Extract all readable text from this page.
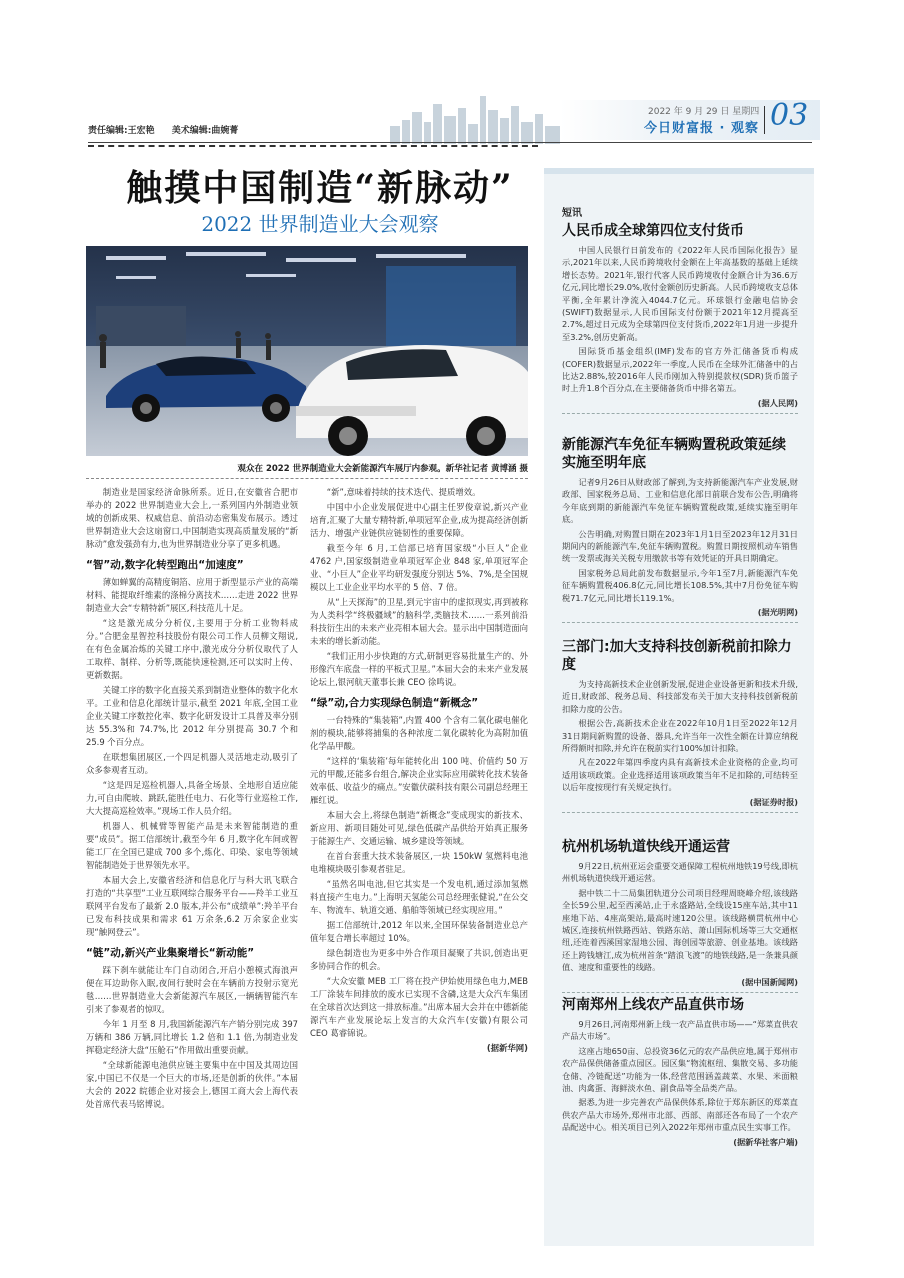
责任编辑:王宏艳 美术编辑:曲婉菁
2022 年 9 月 29 日 星期四
今日财富报 · 观察 03
触摸中国制造“新脉动”
2022 世界制造业大会观察
观众在 2022 世界制造业大会新能源汽车展厅内参观。新华社记者 黄博涵 摄

制造业是国家经济命脉所系。近日,在安徽省合肥市举办的 2022 世界制造业大会上,一系列国内外制造业领域的创新成果、权威信息、前沿动态密集发布展示。透过世界制造业大会这扇窗口,中国制造实现高质量发展的“新脉动”愈发强劲有力,也为世界制造业分享了更多机遇。

“智”动,数字化转型跑出“加速度”

薄如蝉翼的高精度铜箔、应用于新型显示产业的高端材料、能提取纤维素的涤棉分离技术……走进 2022 世界制造业大会“专精特新”展区,科技范儿十足。

“这是激光成分分析仪,主要用于分析工业物料成分。”合肥金星智控科技股份有限公司工作人员柳文翔说,在有色金属冶炼的关键工序中,激光成分分析仪取代了人工取样、制样、分析等,既能快速检测,还可以实时上传、更新数据。

关键工序的数字化直接关系到制造业整体的数字化水平。工业和信息化部统计显示,截至 2021 年底,全国工业企业关键工序数控化率、数字化研发设计工具普及率分别达 55.3%和 74.7%,比 2012 年分别提高 30.7 个和 25.9 个百分点。

在联想集团展区,一个四足机器人灵活地走动,吸引了众多参观者互动。

“这是四足巡检机器人,具备全场景、全地形自适应能力,可自由爬坡、跳跃,能胜任电力、石化等行业巡检工作,大大提高巡检效率。”现场工作人员介绍。

机器人、机械臂等智能产品是未来智能制造的重要“成员”。据工信部统计,截至今年 6 月,数字化车间或智能工厂在全国已建成 700 多个,炼化、印染、家电等领域智能制造处于世界领先水平。

本届大会上,安徽省经济和信息化厅与科大讯飞联合打造的“共享型”工业互联网综合服务平台——羚羊工业互联网平台发布了最新 2.0 版本,并公布“成绩单”:羚羊平台已发布科技成果和需求 61 万余条,6.2 万余家企业实现“触网登云”。

“链”动,新兴产业集聚增长“新动能”

踩下刹车就能让车门自动闭合,开启小憩模式海浪声便在耳边助你入眠,夜间行驶时会在车辆前方投射示宽光毯……世界制造业大会新能源汽车展区,一辆辆智能汽车引来了参观者的惊叹。

今年 1 月至 8 月,我国新能源汽车产销分别完成 397 万辆和 386 万辆,同比增长 1.2 倍和 1.1 倍,为制造业发挥稳定经济大盘“压舱石”作用做出重要贡献。

“全球新能源电池供应链主要集中在中国及其周边国家,中国已不仅是一个巨大的市场,还是创新的伙伴。”本届大会的 2022 皖德企业对接会上,德国工商大会上海代表处首席代表马铭博说。

“新”,意味着持续的技术迭代、提质增效。

中国中小企业发展促进中心副主任罗俊章说,新兴产业培育,汇聚了大量专精特新,单项冠军企业,成为提高经济创新活力、增强产业链供应链韧性的重要保障。

截至今年 6 月,工信部已培育国家级“小巨人”企业 4762 户,国家级制造业单项冠军企业 848 家,单项冠军企业、“小巨人”企业平均研发强度分别达 5%、7%,是全国规模以上工业企业平均水平的 5 倍、7 倍。

从“上天探海”的卫星,到元宇宙中的虚拟现实,再到被称为人类科学“终极疆域”的脑科学,类脑技术……一系列前沿科技衍生出的未来产业亮相本届大会。显示出中国制造面向未来的增长新动能。

“我们正用小步快跑的方式,研制更容易批量生产的、外形像汽车底盘一样的平板式卫星。”本届大会的未来产业发展论坛上,银河航天董事长兼 CEO 徐鸣说。

“绿”动,合力实现绿色制造“新概念”

一台特殊的“集装箱”,内置 400 个含有二氧化碳电催化剂的模块,能够将捕集的各种浓度二氧化碳转化为高附加值化学品甲酸。

“这样的‘集装箱’每年能转化出 100 吨、价值约 50 万元的甲酸,还能多台组合,解决企业实际应用碳转化技术装备效率低、收益少的痛点。”安徽伏碳科技有限公司副总经理王雁红说。

本届大会上,将绿色制造“新概念”变成现实的新技术、新应用、新项目随处可见,绿色低碳产品供给开始真正服务于能源生产、交通运输、城乡建设等领域。

在首台套重大技术装备展区,一块 150kW 氢燃料电池电堆模块吸引参观者驻足。

“虽然名叫电池,但它其实是一个发电机,通过添加氢燃料直接产生电力。”上海明天氢能公司总经理张健说,“在公交车、物流车、轨道交通、船舶等领域已经实现应用。”

据工信部统计,2012 年以来,全国环保装备制造业总产值年复合增长率超过 10%。

绿色制造也为更多中外合作项目凝聚了共识,创造出更多协同合作的机会。

“大众安徽 MEB 工厂将在投产伊始使用绿色电力,MEB 工厂涂装车间排放的废水已实现不含磷,这是大众汽车集团在全球首次达到这一排放标准。”出席本届大会并在中德新能源汽车产业发展论坛上发言的大众汽车(安徽)有限公司 CEO 葛睿锦说。

(据新华网)

短讯
人民币成全球第四位支付货币

中国人民银行日前发布的《2022年人民币国际化报告》显示,2021年以来,人民币跨境收付金额在上年高基数的基础上延续增长态势。2021年,银行代客人民币跨境收付金额合计为36.6万亿元,同比增长29.0%,收付金额创历史新高。人民币跨境收支总体平衡,全年累计净流入4044.7亿元。环球银行金融电信协会(SWIFT)数据显示,人民币国际支付份额于2021年12月提高至2.7%,超过日元成为全球第四位支付货币,2022年1月进一步提升至3.2%,创历史新高。

国际货币基金组织(IMF)发布的官方外汇储备货币构成(COFER)数据显示,2022年一季度,人民币在全球外汇储备中的占比达2.88%,较2016年人民币刚加入特别提款权(SDR)货币篮子时上升1.8个百分点,在主要储备货币中排名第五。

(据人民网)

新能源汽车免征车辆购置税政策延续实施至明年底

记者9月26日从财政部了解到,为支持新能源汽车产业发展,财政部、国家税务总局、工业和信息化部日前联合发布公告,明确将今年底到期的新能源汽车免征车辆购置税政策,延续实施至明年底。

公告明确,对购置日期在2023年1月1日至2023年12月31日期间内的新能源汽车,免征车辆购置税。购置日期按照机动车销售统一发票或海关关税专用缴款书等有效凭证的开具日期确定。

国家税务总局此前发布数据显示,今年1至7月,新能源汽车免征车辆购置税406.8亿元,同比增长108.5%,其中7月份免征车购税71.7亿元,同比增长119.1%。

(据光明网)

三部门:加大支持科技创新税前扣除力度

为支持高新技术企业创新发展,促进企业设备更新和技术升级,近日,财政部、税务总局、科技部发布关于加大支持科技创新税前扣除力度的公告。

根据公告,高新技术企业在2022年10月1日至2022年12月31日期间新购置的设备、器具,允许当年一次性全额在计算应纳税所得额时扣除,并允许在税前实行100%加计扣除。

凡在2022年第四季度内具有高新技术企业资格的企业,均可适用该项政策。企业选择适用该项政策当年不足扣除的,可结转至以后年度按现行有关规定执行。

(据证券时报)

杭州机场轨道快线开通运营

9月22日,杭州亚运会重要交通保障工程杭州地铁19号线,即杭州机场轨道快线开通运营。

据中铁二十二局集团轨道分公司项目经理周晓峰介绍,该线路全长59公里,起至西溪站,止于永盛路站,全线设15座车站,其中11座地下站、4座高架站,最高时速120公里。该线路横贯杭州中心城区,连接杭州铁路西站、铁路东站、萧山国际机场等三大交通枢纽,还连着西溪国家湿地公园、海创园等旅游、创业基地。该线路还上跨钱塘江,成为杭州首条“踏浪飞渡”的地铁线路,是一条兼具颜值、速度和重要性的线路。

(据中国新闻网)

河南郑州上线农产品直供市场

9月26日,河南郑州新上线一农产品直供市场——“郑菜直供农产品大市场”。

这座占地650亩、总投资36亿元的农产品供应地,属于郑州市农产品保供储备重点园区。园区集“物流枢纽、集散交易、多功能仓储、冷链配送”功能为一体,经营范围涵盖蔬菜、水果、米面粮油、肉禽蛋、海鲜淡水鱼、副食品等全品类产品。

据悉,为进一步完善农产品保供体系,除位于郑东新区的郑菜直供农产品大市场外,郑州市北部、西部、南部还各布局了一个农产品配送中心。相关项目已列入2022年郑州市重点民生实事工作。

(据新华社客户端)
